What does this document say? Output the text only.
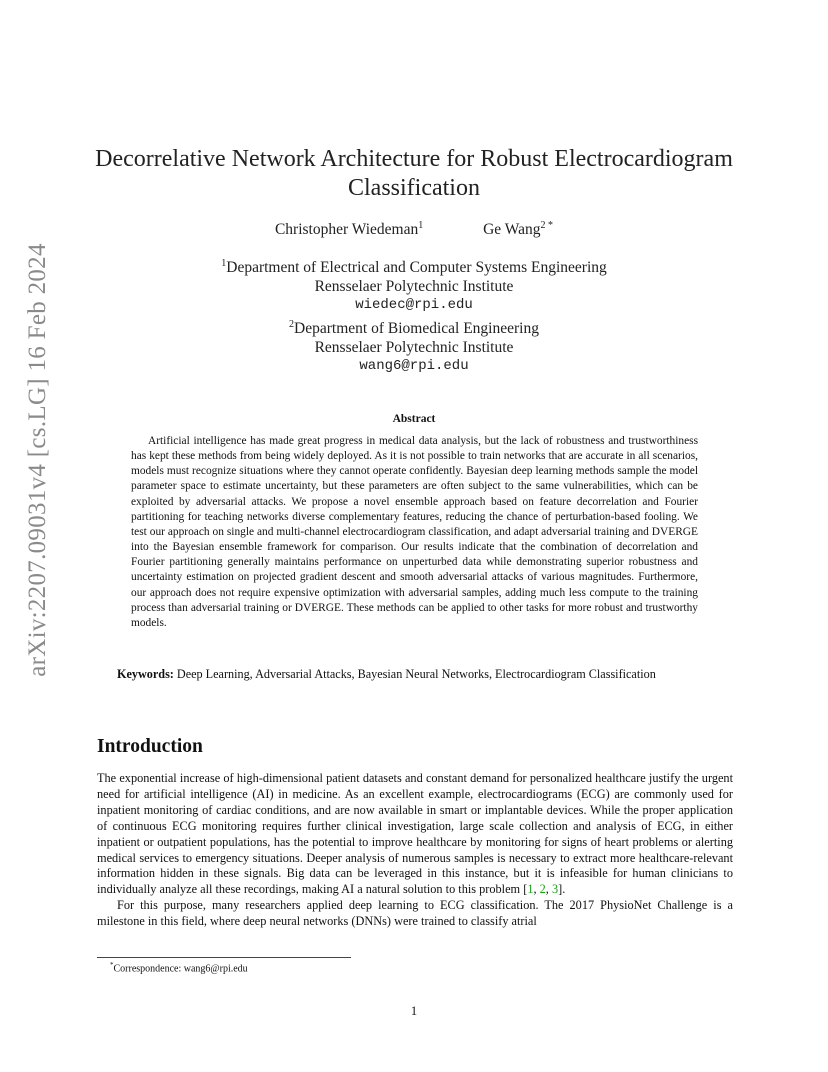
arXiv:2207.09031v4 [cs.LG] 16 Feb 2024
Decorrelative Network Architecture for Robust Electrocardiogram
Classification
Christopher Wiedeman$^1$	Ge Wang$^{2 *}$
$^1$Department of Electrical and Computer Systems Engineering
Rensselaer Polytechnic Institute
wiedec@rpi.edu
$^2$Department of Biomedical Engineering
Rensselaer Polytechnic Institute
wang6@rpi.edu
Abstract
Artificial intelligence has made great progress in medical data analysis, but the lack of robustness and trustworthiness has kept these methods from being widely deployed. As it is not possible to train networks that are accurate in all scenarios, models must recognize situations where they cannot operate confidently. Bayesian deep learning methods sample the model parameter space to estimate uncertainty, but these parameters are often subject to the same vulnerabilities, which can be exploited by adversarial attacks. We propose a novel ensemble approach based on feature decorrelation and Fourier partitioning for teaching networks diverse complementary features, reducing the chance of perturbation-based fooling. We test our approach on single and multi-channel electrocardiogram classification, and adapt adversarial training and DVERGE into the Bayesian ensemble framework for comparison. Our results indicate that the combination of decorrelation and Fourier partitioning generally maintains performance on unperturbed data while demonstrating superior robustness and uncertainty estimation on projected gradient descent and smooth adversarial attacks of various magnitudes. Furthermore, our approach does not require expensive optimization with adversarial samples, adding much less compute to the training process than adversarial training or DVERGE. These methods can be applied to other tasks for more robust and trustworthy models.
Keywords: Deep Learning, Adversarial Attacks, Bayesian Neural Networks, Electrocardiogram Classification
Introduction

The exponential increase of high-dimensional patient datasets and constant demand for personalized healthcare justify the urgent need for artificial intelligence (AI) in medicine. As an excellent example, electrocardiograms (ECG) are commonly used for inpatient monitoring of cardiac conditions, and are now available in smart or implantable devices. While the proper application of continuous ECG monitoring requires further clinical investigation, large scale collection and analysis of ECG, in either inpatient or outpatient populations, has the potential to improve healthcare by monitoring for signs of heart problems or alerting medical services to emergency situations. Deeper analysis of numerous samples is necessary to extract more healthcare-relevant information hidden in these signals. Big data can be leveraged in this instance, but it is infeasible for human clinicians to individually analyze all these recordings, making AI a natural solution to this problem [1, 2, 3].

For this purpose, many researchers applied deep learning to ECG classification. The 2017 PhysioNet Challenge is a milestone in this field, where deep neural networks (DNNs) were trained to classify atrial

*Correspondence: wang6@rpi.edu
1
